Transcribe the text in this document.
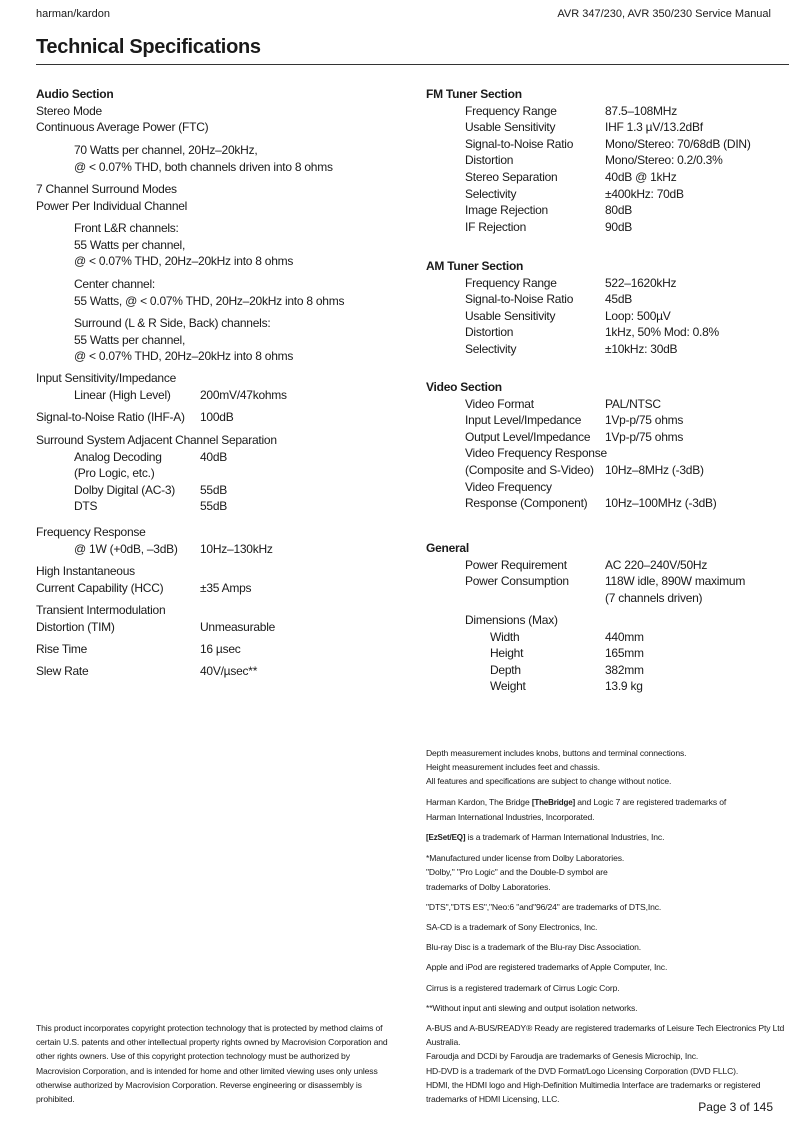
harman/kardon	AVR 347/230, AVR 350/230 Service Manual
Technical Specifications
Audio Section
Stereo Mode
Continuous Average Power (FTC)
70 Watts per channel, 20Hz–20kHz,
@ < 0.07% THD, both channels driven into 8 ohms
7 Channel Surround Modes
Power Per Individual Channel
Front L&R channels:
55 Watts per channel,
@ < 0.07% THD, 20Hz–20kHz into 8 ohms
Center channel:
55 Watts, @ < 0.07% THD, 20Hz–20kHz into 8 ohms
Surround (L & R Side, Back) channels:
55 Watts per channel,
@ < 0.07% THD, 20Hz–20kHz into 8 ohms
Input Sensitivity/Impedance
Linear (High Level) 200mV/47kohms
Signal-to-Noise Ratio (IHF-A) 100dB
Surround System Adjacent Channel Separation
Analog Decoding	40dB
(Pro Logic, etc.)
Dolby Digital (AC-3) 55dB
DTS	55dB
Frequency Response
@ 1W (+0dB, –3dB) 10Hz–130kHz
High Instantaneous
Current Capability (HCC)	±35 Amps
Transient Intermodulation
Distortion (TIM)	Unmeasurable
Rise Time	16 µsec
Slew Rate	40V/µsec**
FM Tuner Section
Frequency Range	87.5–108MHz
Usable Sensitivity	IHF 1.3 µV/13.2dBf
Signal-to-Noise Ratio	Mono/Stereo: 70/68dB (DIN)
Distortion	Mono/Stereo: 0.2/0.3%
Stereo Separation	40dB @ 1kHz
Selectivity	±400kHz: 70dB
Image Rejection	80dB
IF Rejection	90dB
AM Tuner Section
Frequency Range	522–1620kHz
Signal-to-Noise Ratio	45dB
Usable Sensitivity	Loop: 500µV
Distortion	1kHz, 50% Mod: 0.8%
Selectivity	±10kHz: 30dB
Video Section
Video Format	PAL/NTSC
Input Level/Impedance 1Vp-p/75 ohms
Output Level/Impedance 1Vp-p/75 ohms
Video Frequency Response
(Composite and S-Video) 10Hz–8MHz (-3dB)
Video Frequency
Response (Component) 10Hz–100MHz (-3dB)
General
Power Requirement	AC 220–240V/50Hz
Power Consumption	118W idle, 890W maximum
(7 channels driven)
Dimensions (Max)
Width	440mm
Height	165mm
Depth	382mm
Weight	13.9 kg

Depth measurement includes knobs, buttons and terminal connections.
Height measurement includes feet and chassis.
All features and specifications are subject to change without notice.

Harman Kardon, The Bridge [TheBridge] and Logic 7 are registered trademarks of
Harman International Industries, Incorporated.

[EzSet/EQ] is a trademark of Harman International Industries, Inc.

*Manufactured under license from Dolby Laboratories.
"Dolby," "Pro Logic" and the Double-D symbol are
trademarks of Dolby Laboratories.

"DTS","DTS ES","Neo:6 "and"96/24" are trademarks of DTS,Inc.

SA-CD is a trademark of Sony Electronics, Inc.

Blu-ray Disc is a trademark of the Blu-ray Disc Association.

Apple and iPod are registered trademarks of Apple Computer, Inc.

Cirrus is a registered trademark of Cirrus Logic Corp.

**Without input anti slewing and output isolation networks.

A-BUS and A-BUS/READY® Ready are registered trademarks of Leisure Tech Electronics Pty Ltd
Australia.
Faroudja and DCDi by Faroudja are trademarks of Genesis Microchip, Inc.
HD-DVD is a trademark of the DVD Format/Logo Licensing Corporation (DVD FLLC).
HDMI, the HDMI logo and High-Definition Multimedia Interface are trademarks or registered
trademarks of HDMI Licensing, LLC.

This product incorporates copyright protection technology that is protected by method claims of certain U.S. patents and other intellectual property rights owned by Macrovision Corporation and other rights owners. Use of this copyright protection technology must be authorized by Macrovision Corporation, and is intended for home and other limited viewing uses only unless otherwise authorized by Macrovision Corporation. Reverse engineering or disassembly is prohibited.

Page 3 of 145
